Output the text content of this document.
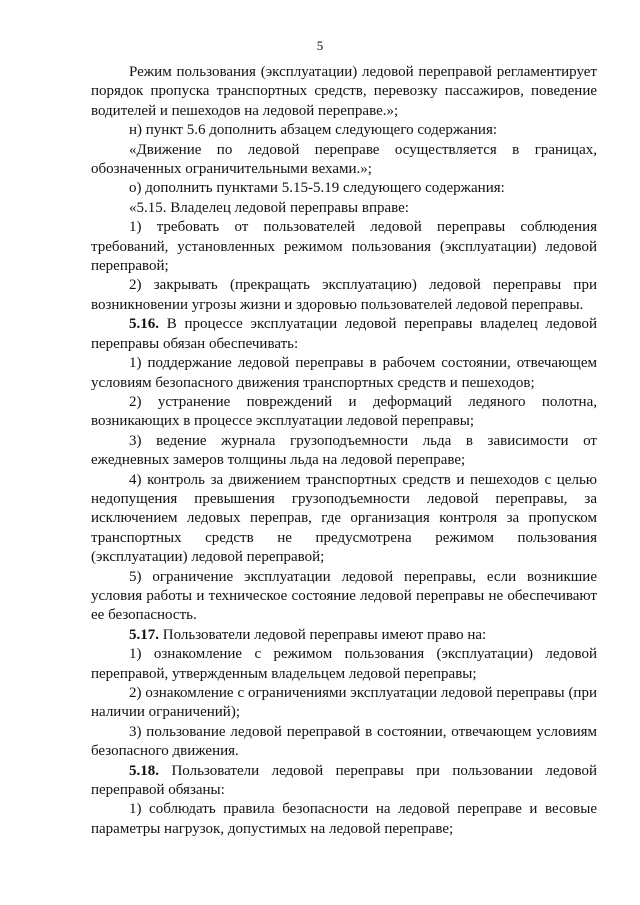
5

Режим пользования (эксплуатации) ледовой переправой регламентирует порядок пропуска транспортных средств, перевозку пассажиров, поведение водителей и пешеходов на ледовой переправе.»;

н) пункт 5.6 дополнить абзацем следующего содержания:

«Движение по ледовой переправе осуществляется в границах, обозначенных ограничительными вехами.»;

о) дополнить пунктами 5.15-5.19 следующего содержания:

«5.15. Владелец ледовой переправы вправе:

1) требовать от пользователей ледовой переправы соблюдения требований, установленных режимом пользования (эксплуатации) ледовой переправой;

2) закрывать (прекращать эксплуатацию) ледовой переправы при возникновении угрозы жизни и здоровью пользователей ледовой переправы.

5.16. В процессе эксплуатации ледовой переправы владелец ледовой переправы обязан обеспечивать:

1) поддержание ледовой переправы в рабочем состоянии, отвечающем условиям безопасного движения транспортных средств и пешеходов;

2) устранение повреждений и деформаций ледяного полотна, возникающих в процессе эксплуатации ледовой переправы;

3) ведение журнала грузоподъемности льда в зависимости от ежедневных замеров толщины льда на ледовой переправе;

4) контроль за движением транспортных средств и пешеходов с целью недопущения превышения грузоподъемности ледовой переправы, за исключением ледовых переправ, где организация контроля за пропуском транспортных средств не предусмотрена режимом пользования (эксплуатации) ледовой переправой;

5) ограничение эксплуатации ледовой переправы, если возникшие условия работы и техническое состояние ледовой переправы не обеспечивают ее безопасность.

5.17. Пользователи ледовой переправы имеют право на:

1) ознакомление с режимом пользования (эксплуатации) ледовой переправой, утвержденным владельцем ледовой переправы;

2) ознакомление с ограничениями эксплуатации ледовой переправы (при наличии ограничений);

3) пользование ледовой переправой в состоянии, отвечающем условиям безопасного движения.

5.18. Пользователи ледовой переправы при пользовании ледовой переправой обязаны:

1) соблюдать правила безопасности на ледовой переправе и весовые параметры нагрузок, допустимых на ледовой переправе;
